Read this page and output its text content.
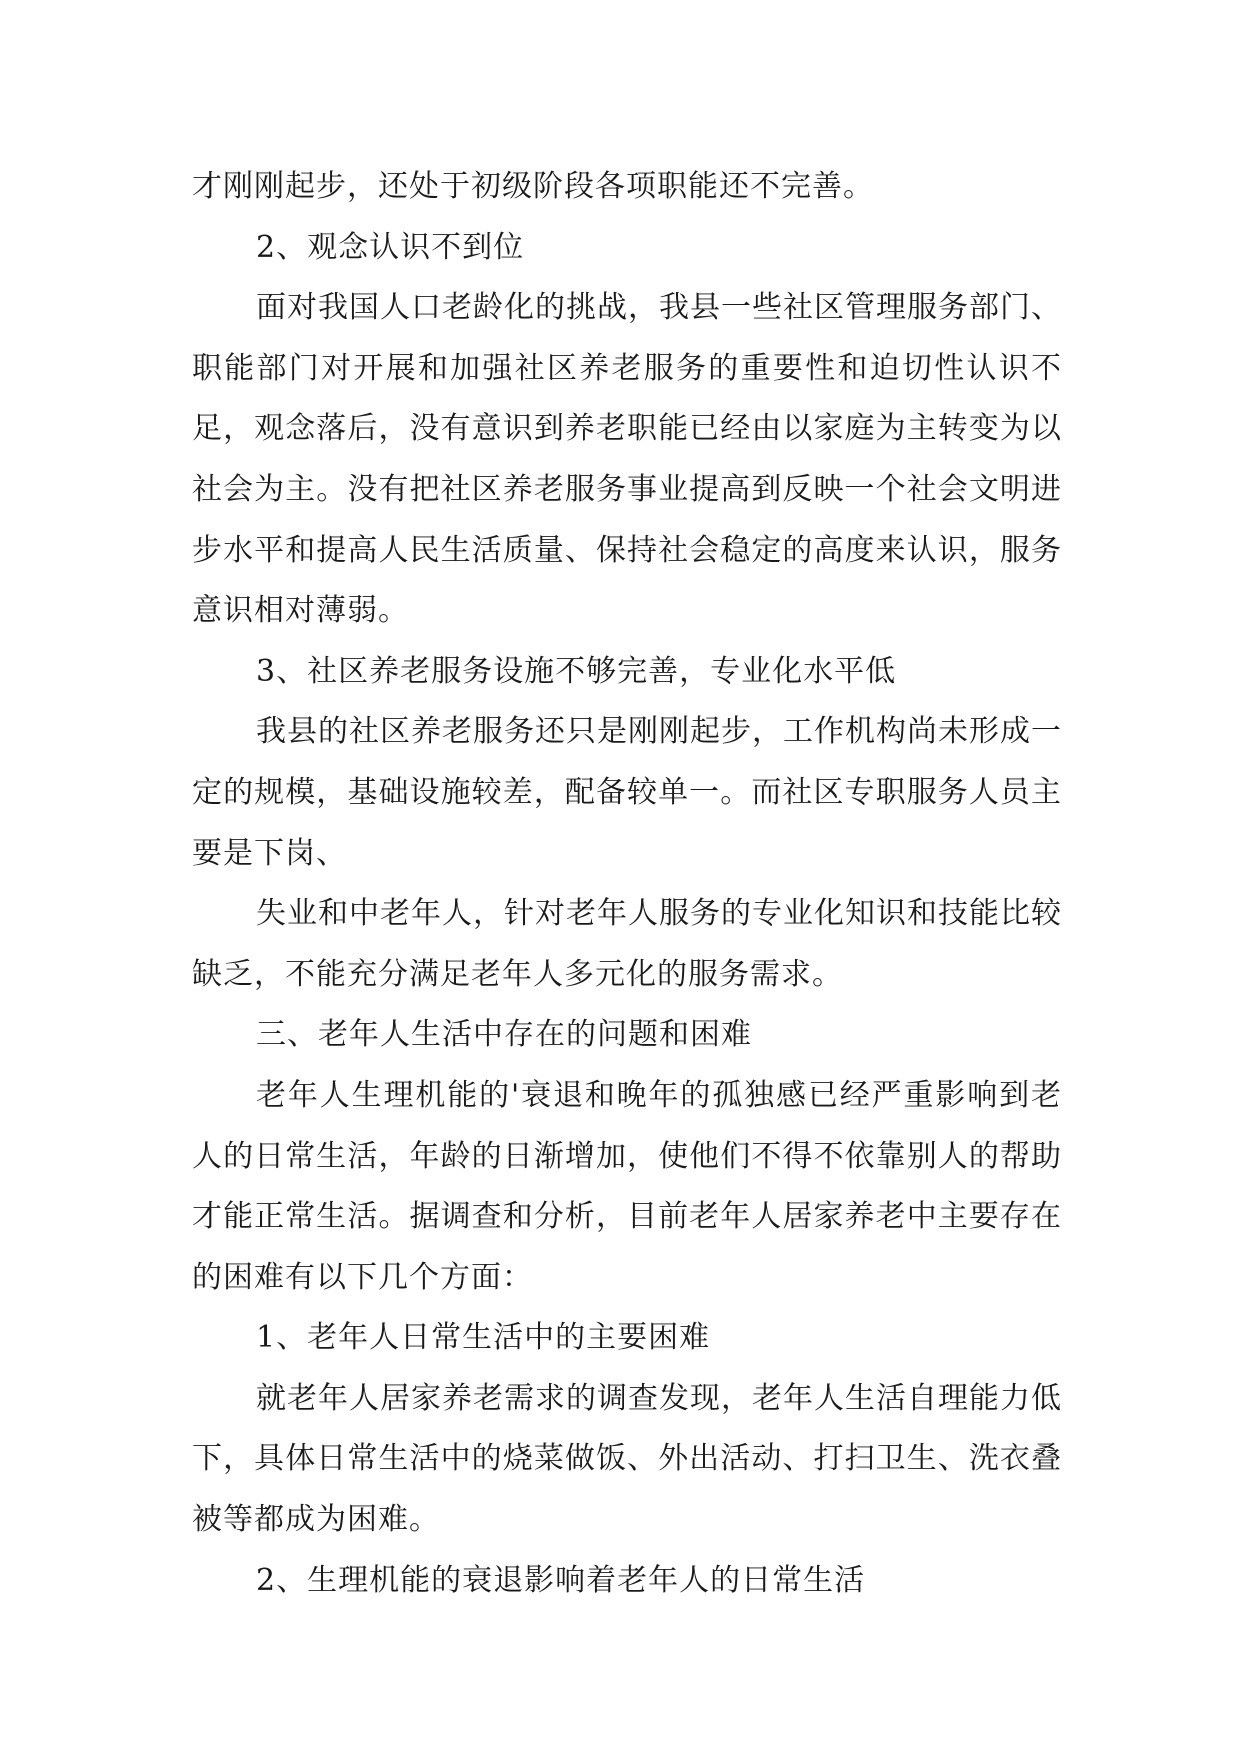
才刚刚起步，还处于初级阶段各项职能还不完善。

2、观念认识不到位

面对我国人口老龄化的挑战，我县一些社区管理服务部门、职能部门对开展和加强社区养老服务的重要性和迫切性认识不足，观念落后，没有意识到养老职能已经由以家庭为主转变为以社会为主。没有把社区养老服务事业提高到反映一个社会文明进步水平和提高人民生活质量、保持社会稳定的高度来认识，服务意识相对薄弱。

3、社区养老服务设施不够完善，专业化水平低

我县的社区养老服务还只是刚刚起步，工作机构尚未形成一定的规模，基础设施较差，配备较单一。而社区专职服务人员主要是下岗、

失业和中老年人，针对老年人服务的专业化知识和技能比较缺乏，不能充分满足老年人多元化的服务需求。

三、老年人生活中存在的问题和困难

老年人生理机能的'衰退和晚年的孤独感已经严重影响到老人的日常生活，年龄的日渐增加，使他们不得不依靠别人的帮助才能正常生活。据调查和分析，目前老年人居家养老中主要存在的困难有以下几个方面：

1、老年人日常生活中的主要困难

就老年人居家养老需求的调查发现，老年人生活自理能力低下，具体日常生活中的烧菜做饭、外出活动、打扫卫生、洗衣叠被等都成为困难。

2、生理机能的衰退影响着老年人的日常生活
